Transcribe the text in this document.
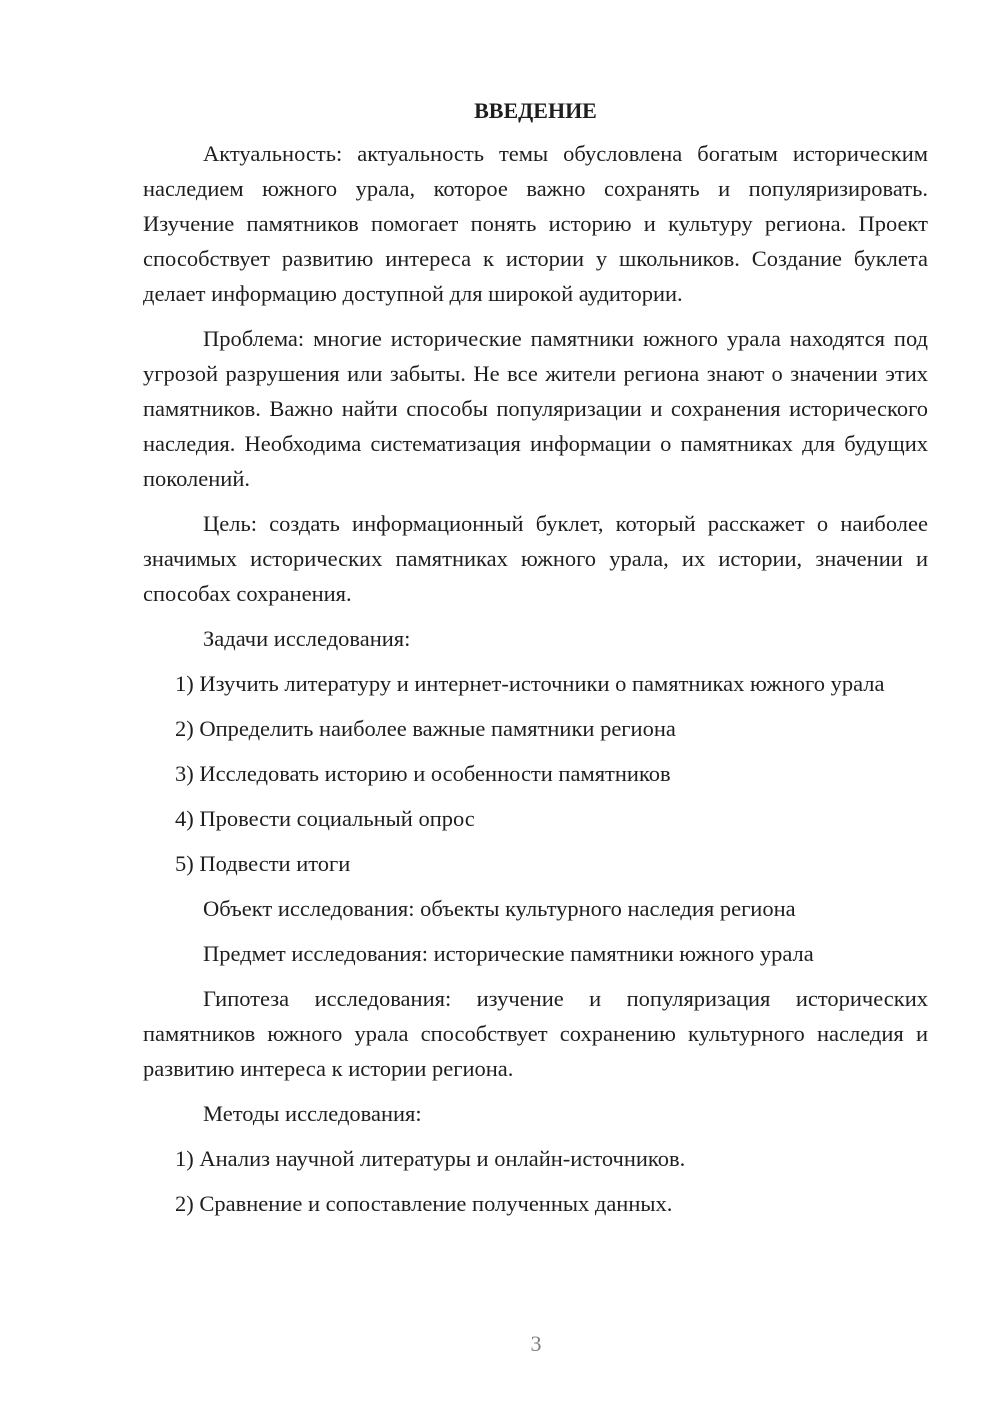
ВВЕДЕНИЕ

Актуальность: актуальность темы обусловлена богатым историческим наследием южного урала, которое важно сохранять и популяризировать. Изучение памятников помогает понять историю и культуру региона. Проект способствует развитию интереса к истории у школьников. Создание буклета делает информацию доступной для широкой аудитории.

Проблема: многие исторические памятники южного урала находятся под угрозой разрушения или забыты. Не все жители региона знают о значении этих памятников. Важно найти способы популяризации и сохранения исторического наследия. Необходима систематизация информации о памятниках для будущих поколений.

Цель: создать информационный буклет, который расскажет о наиболее значимых исторических памятниках южного урала, их истории, значении и способах сохранения.

Задачи исследования:

1) Изучить литературу и интернет-источники о памятниках южного урала

2) Определить наиболее важные памятники региона

3) Исследовать историю и особенности памятников

4) Провести социальный опрос

5) Подвести итоги

Объект исследования: объекты культурного наследия региона

Предмет исследования: исторические памятники южного урала

Гипотеза исследования: изучение и популяризация исторических памятников южного урала способствует сохранению культурного наследия и развитию интереса к истории региона.

Методы исследования:

1) Анализ научной литературы и онлайн-источников.

2) Сравнение и сопоставление полученных данных.

3
